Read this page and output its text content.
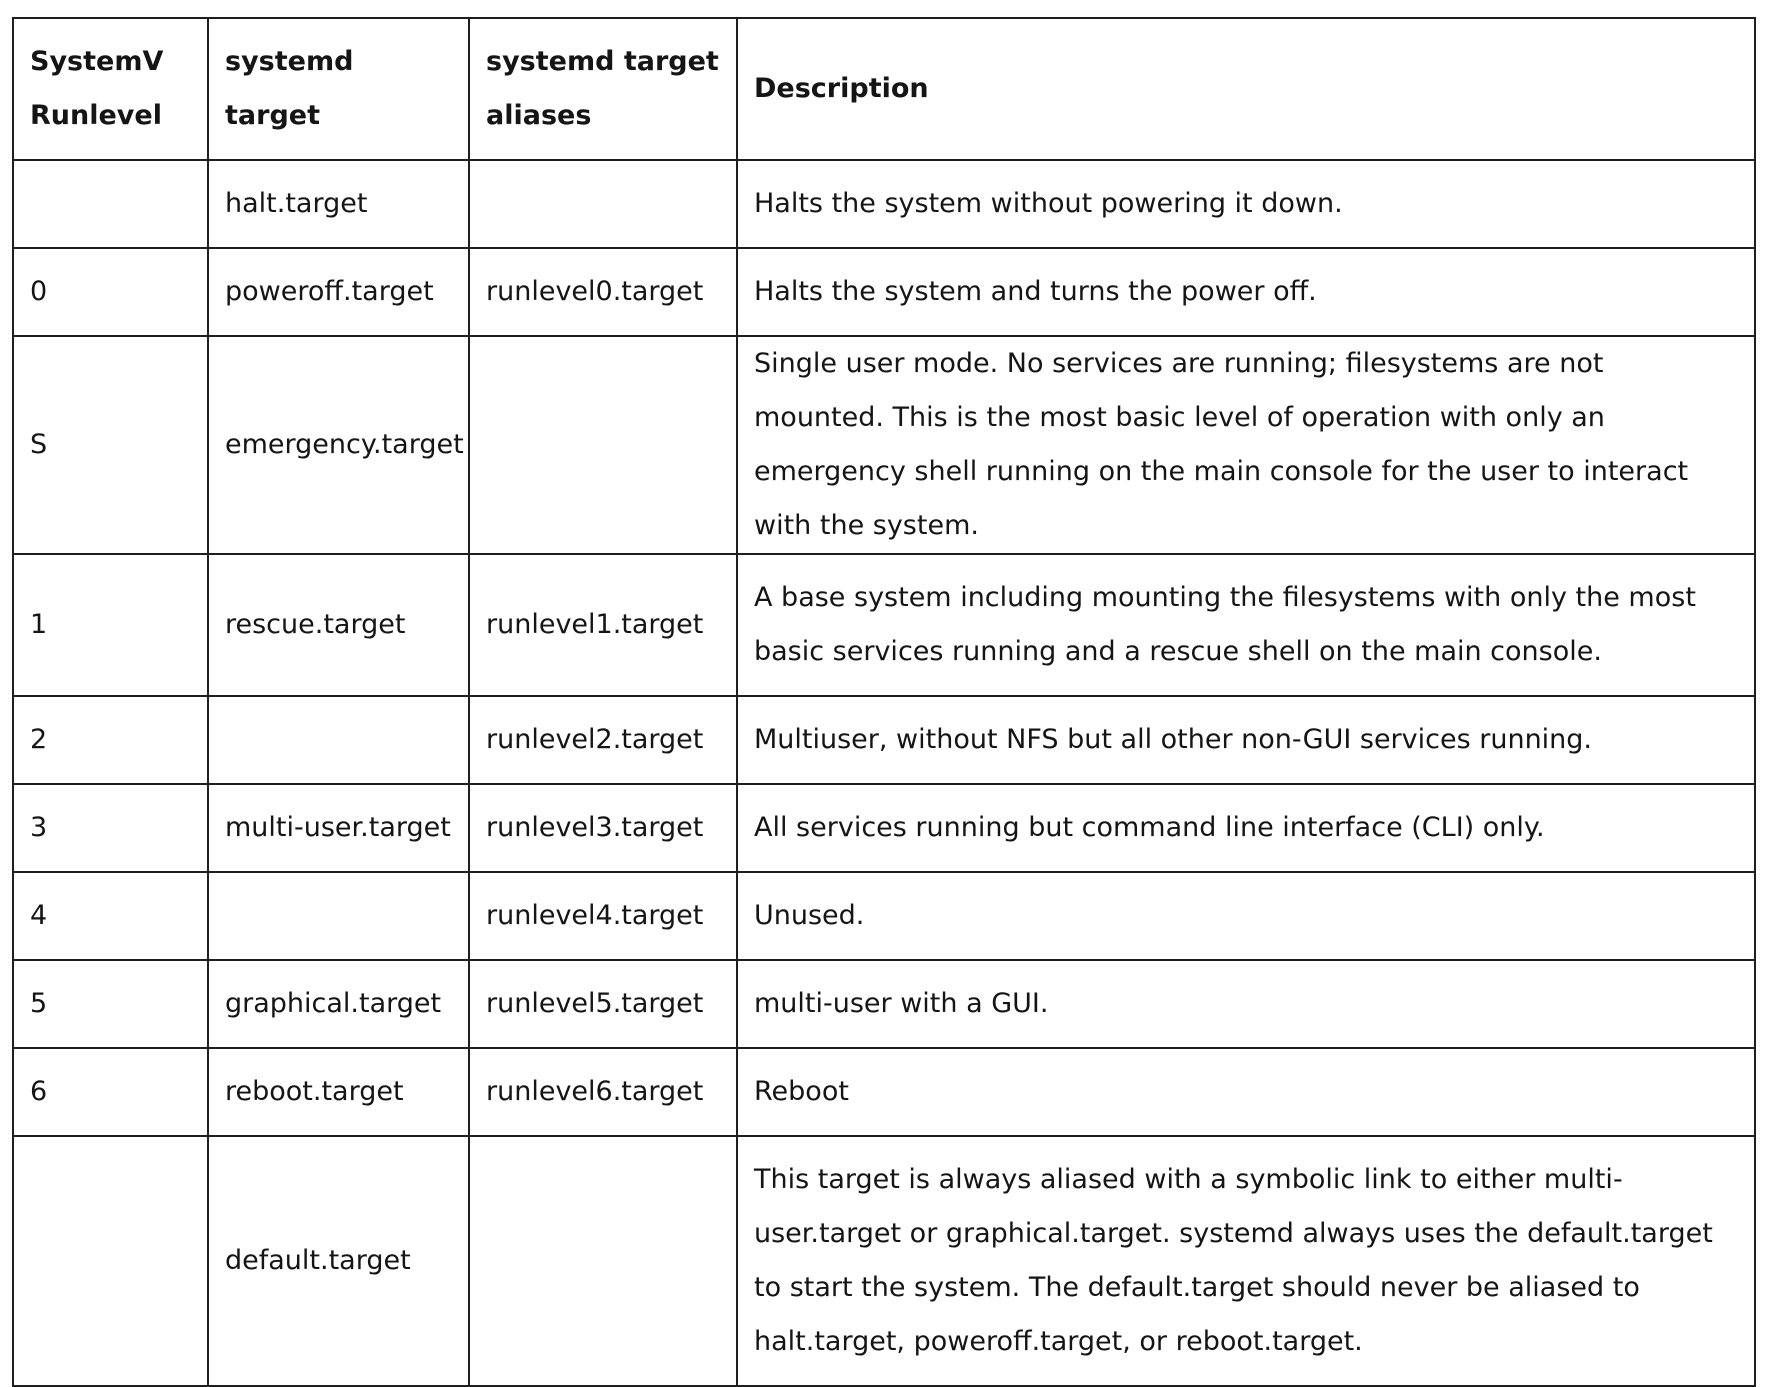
SystemV Runlevel	systemd target	systemd target aliases	Description
	halt.target		Halts the system without powering it down.
0	poweroff.target	runlevel0.target	Halts the system and turns the power off.
S	emergency.target		Single user mode. No services are running; filesystems are not mounted. This is the most basic level of operation with only an emergency shell running on the main console for the user to interact with the system.
1	rescue.target	runlevel1.target	A base system including mounting the filesystems with only the most basic services running and a rescue shell on the main console.
2		runlevel2.target	Multiuser, without NFS but all other non-GUI services running.
3	multi-user.target	runlevel3.target	All services running but command line interface (CLI) only.
4		runlevel4.target	Unused.
5	graphical.target	runlevel5.target	multi-user with a GUI.
6	reboot.target	runlevel6.target	Reboot
	default.target		This target is always aliased with a symbolic link to either multi-user.target or graphical.target. systemd always uses the default.target to start the system. The default.target should never be aliased to halt.target, poweroff.target, or reboot.target.
